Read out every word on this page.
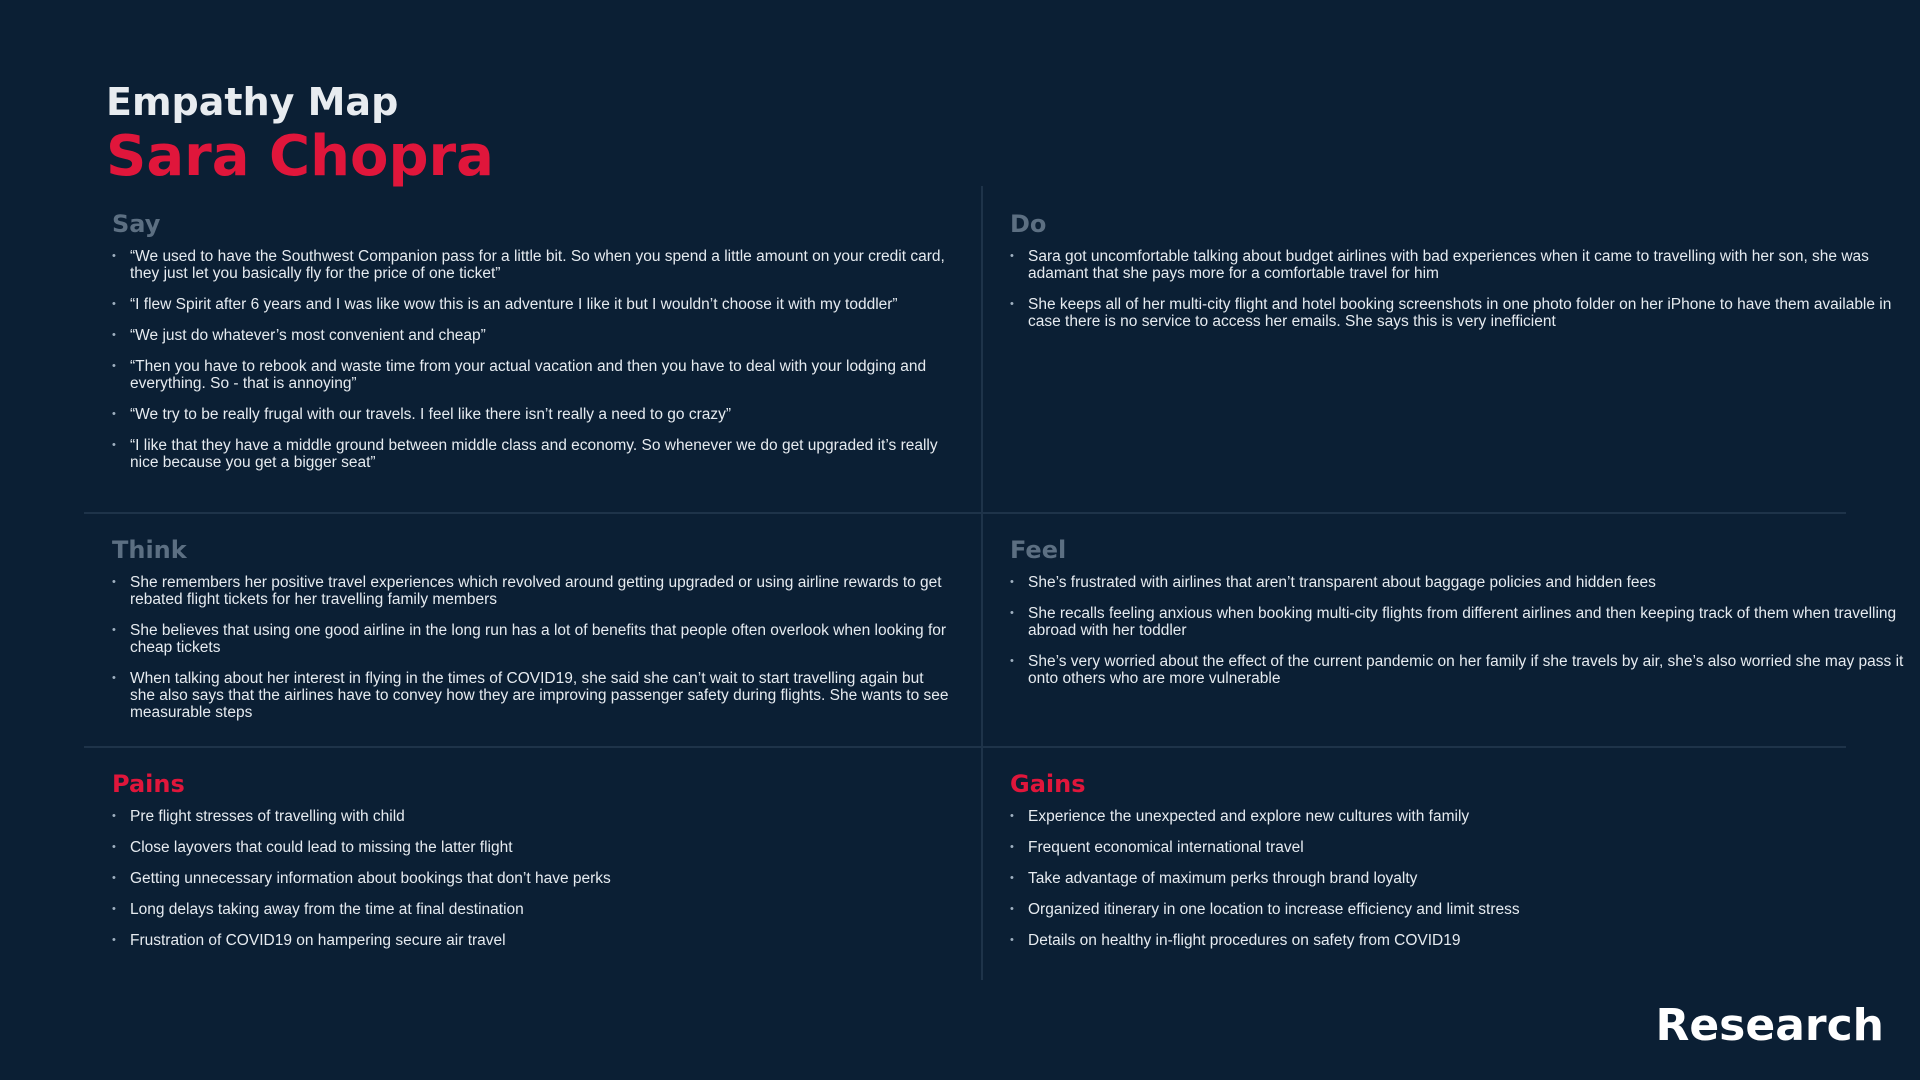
Empathy Map
Sara Chopra
Say
• “We used to have the Southwest Companion pass for a little bit. So when you spend a little amount on your credit card, they just let you basically fly for the price of one ticket”
• “I flew Spirit after 6 years and I was like wow this is an adventure I like it but I wouldn’t choose it with my toddler”
• “We just do whatever’s most convenient and cheap”
• “Then you have to rebook and waste time from your actual vacation and then you have to deal with your lodging and everything. So - that is annoying”
• “We try to be really frugal with our travels. I feel like there isn’t really a need to go crazy”
• “I like that they have a middle ground between middle class and economy. So whenever we do get upgraded it’s really nice because you get a bigger seat”
Do
• Sara got uncomfortable talking about budget airlines with bad experiences when it came to travelling with her son, she was adamant that she pays more for a comfortable travel for him
• She keeps all of her multi-city flight and hotel booking screenshots in one photo folder on her iPhone to have them available in case there is no service to access her emails. She says this is very inefficient
Think
• She remembers her positive travel experiences which revolved around getting upgraded or using airline rewards to get rebated flight tickets for her travelling family members
• She believes that using one good airline in the long run has a lot of benefits that people often overlook when looking for cheap tickets
• When talking about her interest in flying in the times of COVID19, she said she can’t wait to start travelling again but she also says that the airlines have to convey how they are improving passenger safety during flights. She wants to see measurable steps
Feel
• She’s frustrated with airlines that aren’t transparent about baggage policies and hidden fees
• She recalls feeling anxious when booking multi-city flights from different airlines and then keeping track of them when travelling abroad with her toddler
• She’s very worried about the effect of the current pandemic on her family if she travels by air, she’s also worried she may pass it onto others who are more vulnerable
Pains
• Pre flight stresses of travelling with child
• Close layovers that could lead to missing the latter flight
• Getting unnecessary information about bookings that don’t have perks
• Long delays taking away from the time at final destination
• Frustration of COVID19 on hampering secure air travel
Gains
• Experience the unexpected and explore new cultures with family
• Frequent economical international travel
• Take advantage of maximum perks through brand loyalty
• Organized itinerary in one location to increase efficiency and limit stress
• Details on healthy in-flight procedures on safety from COVID19
Research
